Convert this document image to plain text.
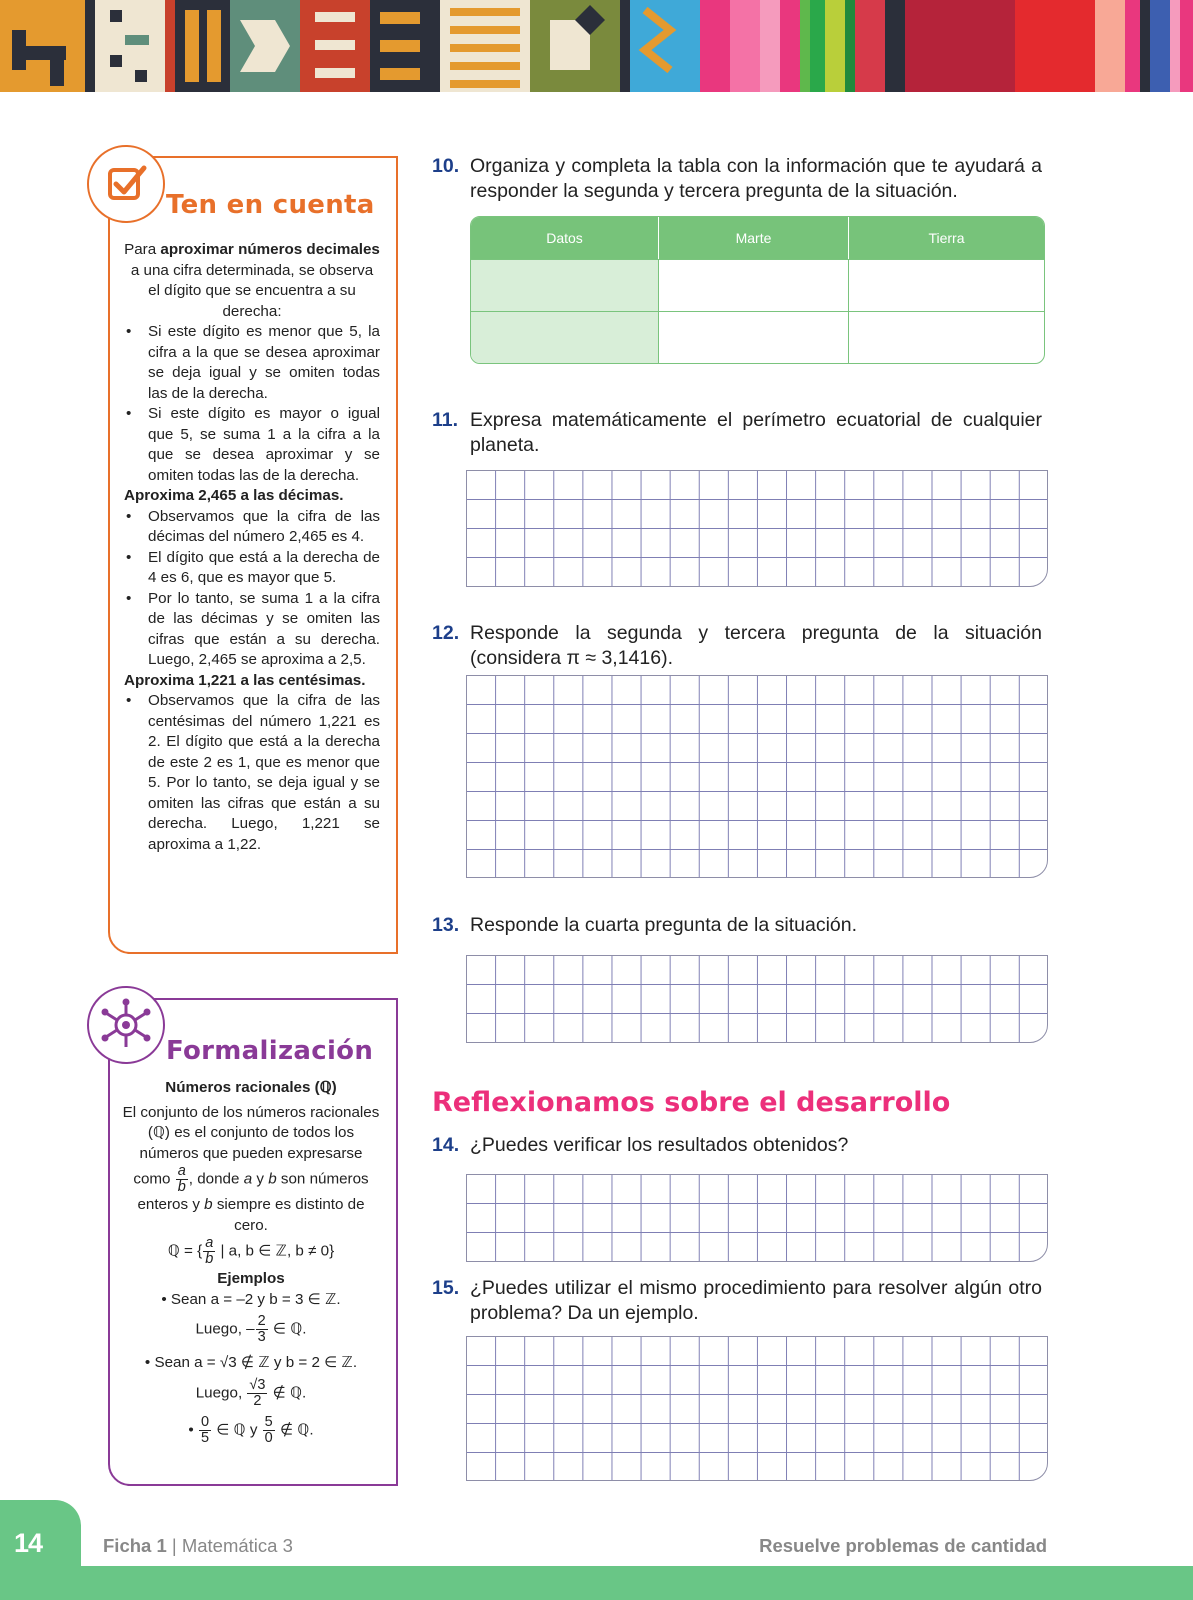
Ten en cuenta

Para aproximar números decimales a una cifra determinada, se observa el dígito que se encuentra a su derecha:

• Si este dígito es menor que 5, la cifra a la que se desea aproximar se deja igual y se omiten todas las de la derecha.
• Si este dígito es mayor o igual que 5, se suma 1 a la cifra a la que se desea aproximar y se omiten todas las de la derecha.

Aproxima 2,465 a las décimas.

• Observamos que la cifra de las décimas del número 2,465 es 4.
• El dígito que está a la derecha de 4 es 6, que es mayor que 5.
• Por lo tanto, se suma 1 a la cifra de las décimas y se omiten las cifras que están a su derecha. Luego, 2,465 se aproxima a 2,5.

Aproxima 1,221 a las centésimas.

• Observamos que la cifra de las centésimas del número 1,221 es 2. El dígito que está a la derecha de este 2 es 1, que es menor que 5. Por lo tanto, se deja igual y se omiten las cifras que están a su derecha. Luego, 1,221 se aproxima a 1,22.
Formalización

Números racionales (ℚ)

El conjunto de los números racionales (ℚ) es el conjunto de todos los números que pueden expresarse como $\frac{a}{b}$ , donde a y b son números enteros y b siempre es distinto de cero.

ℚ = { $\frac{a}{b}$ | a, b ∈ ℤ, b ≠ 0}

Ejemplos

• Sean a = –2 y b = 3 ∈ ℤ.
Luego, – $\frac{2}{3}$ ∈ ℚ.

• Sean a = √3 ∉ ℤ y b = 2 ∈ ℤ.
Luego, $\frac{√3}{2}$ ∉ ℚ.

• $\frac{0}{5}$ ∈ ℚ y $\frac{5}{0}$ ∉ ℚ.

10. Organiza y completa la tabla con la información que te ayudará a responder la segunda y tercera pregunta de la situación.
Datos	Marte	Tierra

11. Expresa matemáticamente el perímetro ecuatorial de cualquier planeta.
12. Responde la segunda y tercera pregunta de la situación (considera π ≈ 3,1416).
13. Responde la cuarta pregunta de la situación.
Reflexionamos sobre el desarrollo
14. ¿Puedes verificar los resultados obtenidos?
15. ¿Puedes utilizar el mismo procedimiento para resolver algún otro problema? Da un ejemplo.
14	Ficha 1 | Matemática 3	Resuelve problemas de cantidad
